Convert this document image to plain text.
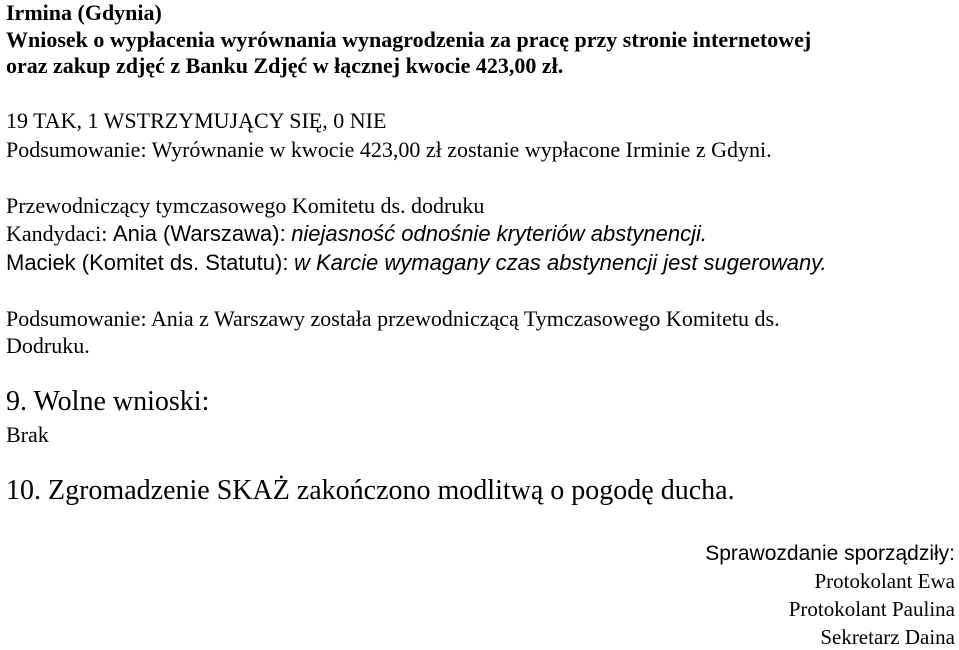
Irmina (Gdynia)
Wniosek o wypłacenia wyrównania wynagrodzenia za pracę przy stronie internetowej
oraz zakup zdjęć z Banku Zdjęć w łącznej kwocie 423,00 zł.
19 TAK, 1 WSTRZYMUJĄCY SIĘ, 0 NIE
Podsumowanie: Wyrównanie w kwocie 423,00 zł zostanie wypłacone Irminie z Gdyni.
Przewodniczący tymczasowego Komitetu ds. dodruku
Kandydaci: Ania (Warszawa): niejasność odnośnie kryteriów abstynencji.
Maciek (Komitet ds. Statutu): w Karcie wymagany czas abstynencji jest sugerowany.
Podsumowanie: Ania z Warszawy została przewodniczącą Tymczasowego Komitetu ds.
Dodruku.
9. Wolne wnioski:
Brak
10. Zgromadzenie SKAŻ zakończono modlitwą o pogodę ducha.
Sprawozdanie sporządziły:
Protokolant Ewa
Protokolant Paulina
Sekretarz Daina
